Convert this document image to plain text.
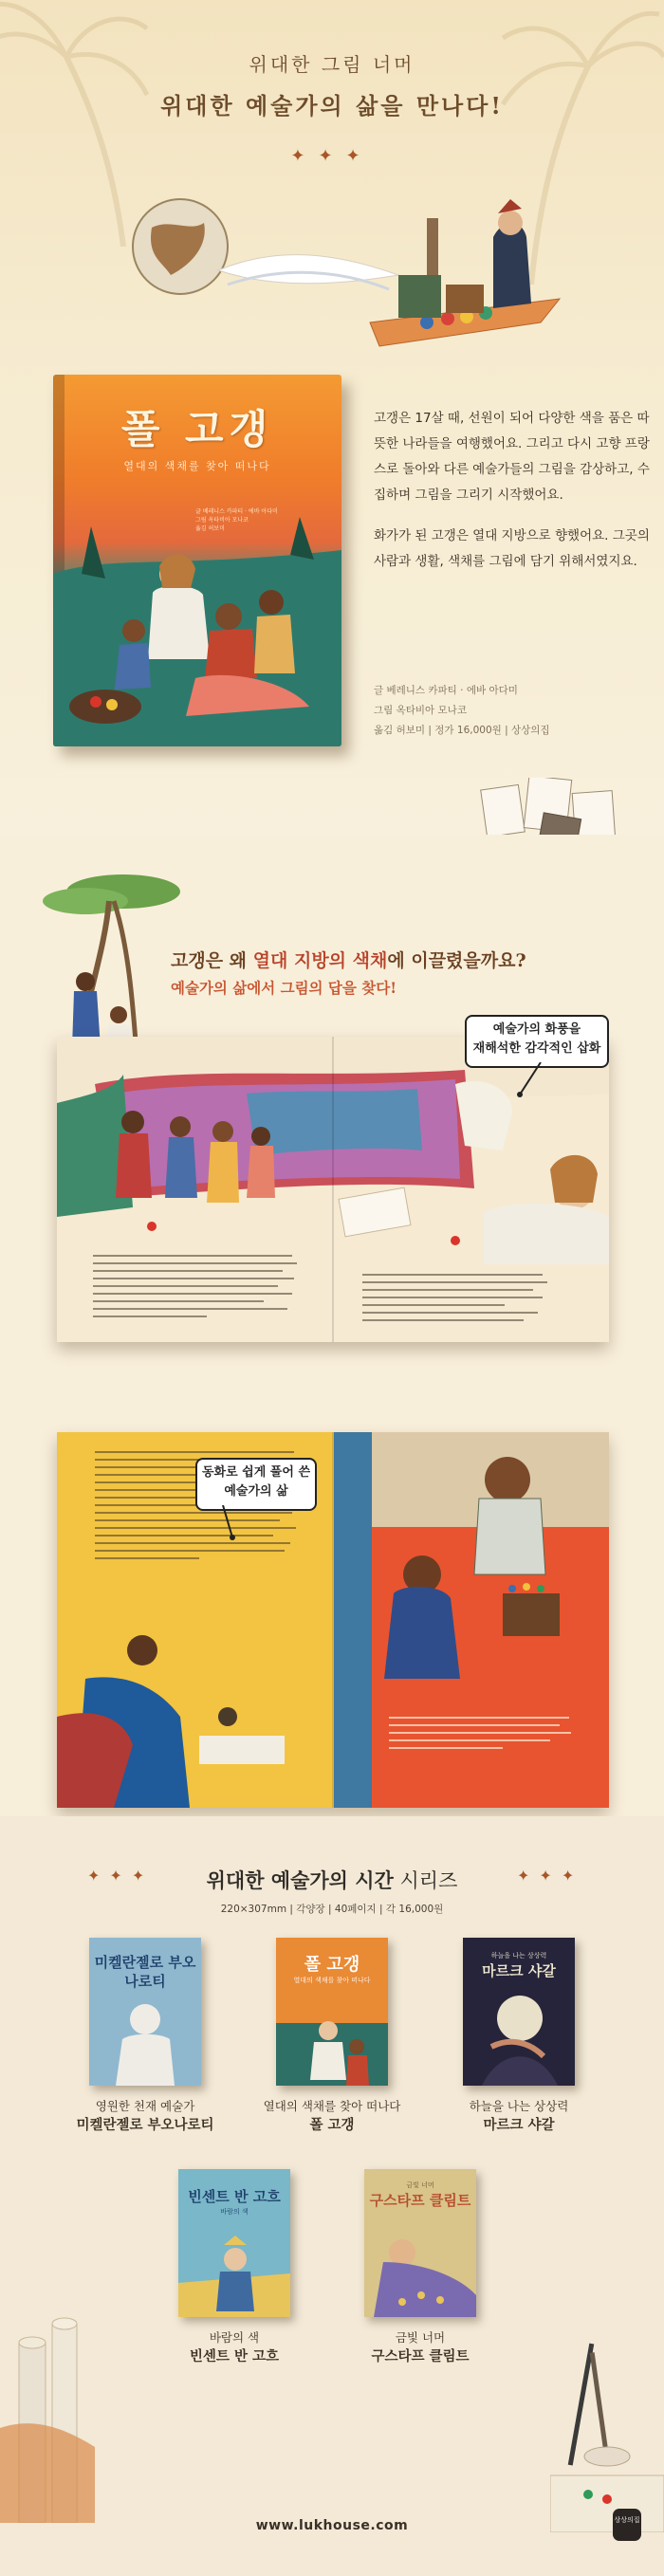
위대한 그림 너머
위대한 예술가의 삶을 만나다!
✦✦✦
폴 고갱
열대의 색채를 찾아 떠나다
글 베레니스 카파티 · 에바 아다미
그림 옥타비아 모나코
옮김 허보미

고갱은 17살 때, 선원이 되어 다양한 색을 품은 따뜻한 나라들을 여행했어요. 그리고 다시 고향 프랑스로 돌아와 다른 예술가들의 그림을 감상하고, 수집하며 그림을 그리기 시작했어요.

화가가 된 고갱은 열대 지방으로 향했어요. 그곳의 사람과 생활, 색채를 그림에 담기 위해서였지요.

글 베레니스 카파티 · 에바 아다미
그림 옥타비아 모나코
옮김 허보미 | 정가 16,000원 | 상상의집
고갱은 왜 열대 지방의 색채에 이끌렸을까요?
예술가의 삶에서 그림의 답을 찾다!
예술가의 화풍을
재해석한 감각적인 삽화
동화로 쉽게 풀어 쓴
예술가의 삶
✦✦✦	✦✦✦
위대한 예술가의 시간 시리즈
220×307mm | 각양장 | 40페이지 | 각 16,000원
미켈란젤로 부오나로티
폴 고갱
열대의 색채를 찾아 떠나다
하늘을 나는 상상력
마르크 샤갈
영원한 천재 예술가
미켈란젤로 부오나로티
열대의 색채를 찾아 떠나다
폴 고갱
하늘을 나는 상상력
마르크 샤갈
빈센트 반 고흐
바람의 색
금빛 너머
구스타프 클림트
바람의 색
빈센트 반 고흐
금빛 너머
구스타프 클림트
www.lukhouse.com	상상의집
